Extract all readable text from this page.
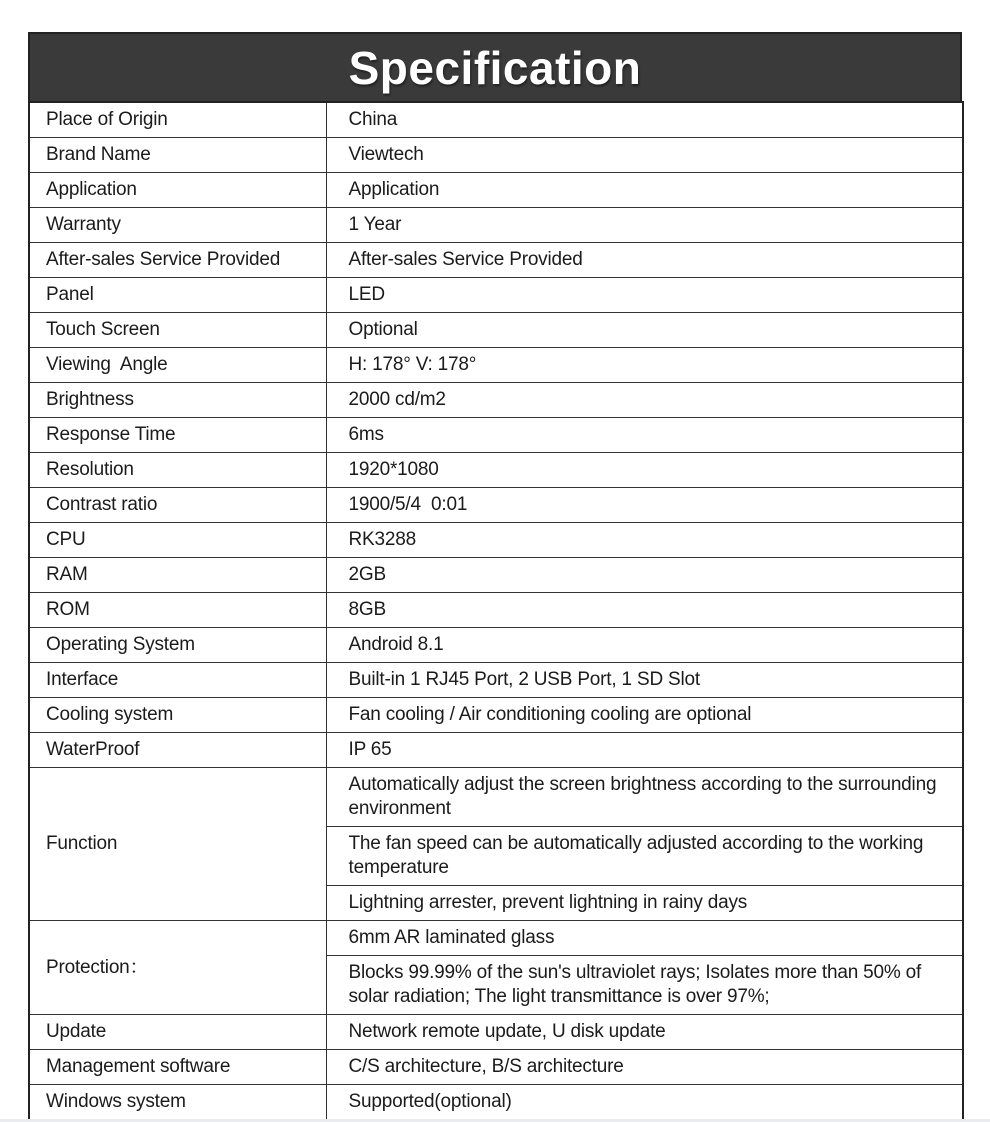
Specification
Place of Origin	China
Brand Name	Viewtech
Application	Application
Warranty	1 Year
After-sales Service Provided	After-sales Service Provided
Panel	LED
Touch Screen	Optional
Viewing  Angle	H: 178° V: 178°
Brightness	2000 cd/m2
Response Time	6ms
Resolution	1920*1080
Contrast ratio	1900/5/4  0:01
CPU	RK3288
RAM	2GB
ROM	8GB
Operating System	Android 8.1
Interface	Built-in 1 RJ45 Port, 2 USB Port, 1 SD Slot
Cooling system	Fan cooling / Air conditioning cooling are optional
WaterProof	IP 65
Function	Automatically adjust the screen brightness according to the surrounding environment
	The fan speed can be automatically adjusted according to the working temperature
	Lightning arrester, prevent lightning in rainy days
Protection：	6mm AR laminated glass
	Blocks 99.99% of the sun's ultraviolet rays; Isolates more than 50% of solar radiation; The light transmittance is over 97%;
Update	Network remote update, U disk update
Management software	C/S architecture, B/S architecture
Windows system	Supported(optional)
